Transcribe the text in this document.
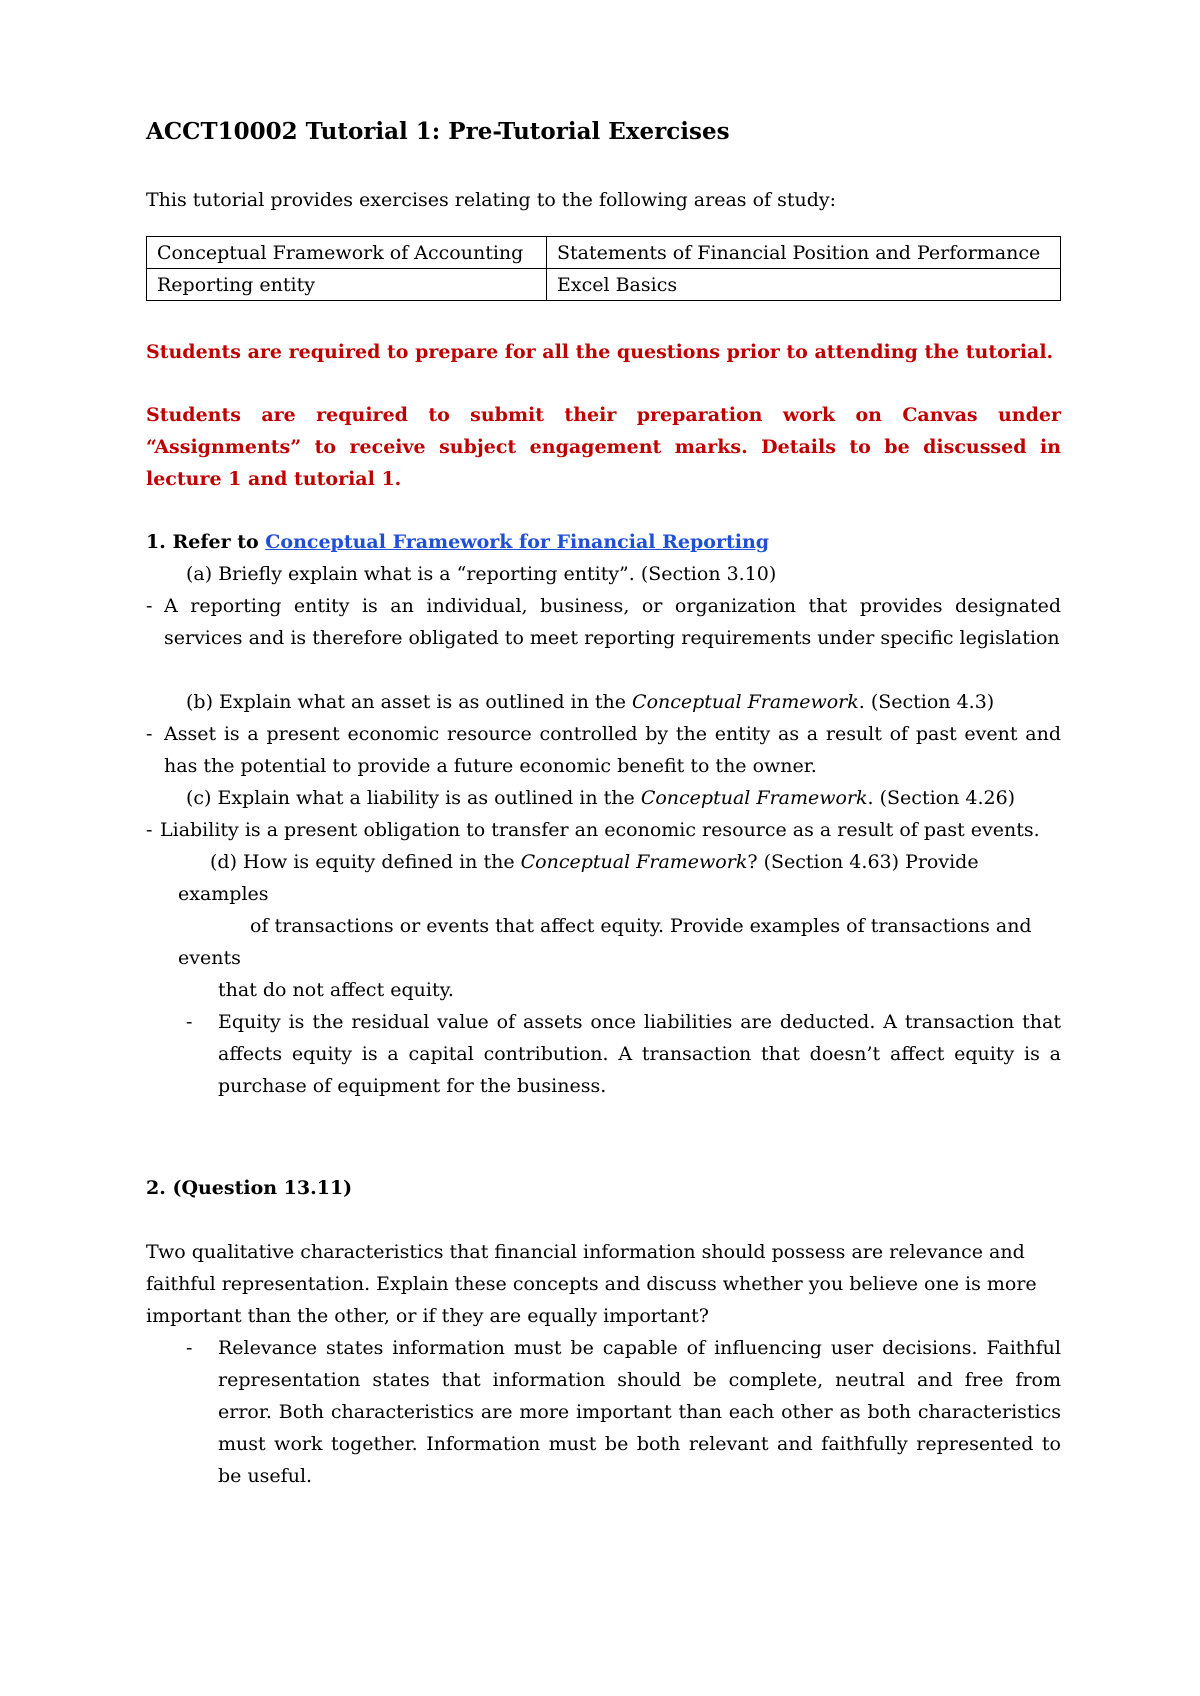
ACCT10002 Tutorial 1: Pre-Tutorial Exercises
This tutorial provides exercises relating to the following areas of study:
Conceptual Framework of Accounting	Statements of Financial Position and Performance
Reporting entity	Excel Basics
Students are required to prepare for all the questions prior to attending the tutorial.
Students are required to submit their preparation work on Canvas under “Assignments” to receive subject engagement marks. Details to be discussed in lecture 1 and tutorial 1.
1. Refer to Conceptual Framework for Financial Reporting
(a) Briefly explain what is a “reporting entity”. (Section 3.10)
- A reporting entity is an individual, business, or organization that provides designated services and is therefore obligated to meet reporting requirements under specific legislation
(b) Explain what an asset is as outlined in the Conceptual Framework. (Section 4.3)
- Asset is a present economic resource controlled by the entity as a result of past event and has the potential to provide a future economic benefit to the owner.
(c) Explain what a liability is as outlined in the Conceptual Framework. (Section 4.26)
- Liability is a present obligation to transfer an economic resource as a result of past events.
(d) How is equity defined in the Conceptual Framework? (Section 4.63) Provide
examples
of transactions or events that affect equity. Provide examples of transactions and
events
that do not affect equity.
- Equity is the residual value of assets once liabilities are deducted. A transaction that affects equity is a capital contribution. A transaction that doesn’t affect equity is a purchase of equipment for the business.
2. (Question 13.11)
Two qualitative characteristics that financial information should possess are relevance and
faithful representation. Explain these concepts and discuss whether you believe one is more
important than the other, or if they are equally important?
- Relevance states information must be capable of influencing user decisions. Faithful representation states that information should be complete, neutral and free from error. Both characteristics are more important than each other as both characteristics must work together. Information must be both relevant and faithfully represented to be useful.
